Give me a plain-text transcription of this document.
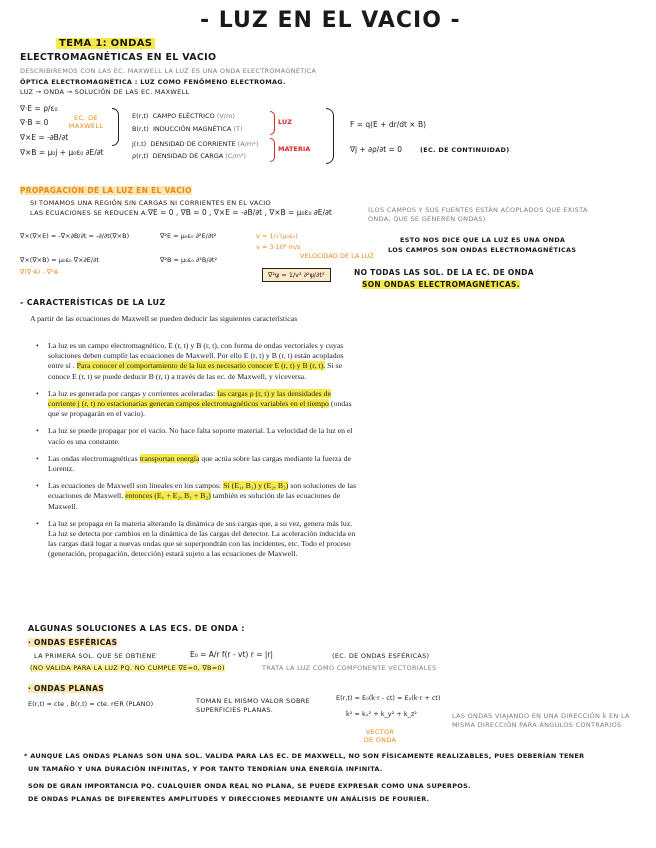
- LUZ EN EL VACIO -
TEMA 1: ONDAS
ELECTROMAGNÉTICAS EN EL VACIO
DESCRIBIREMOS CON LAS EC. MAXWELL LA LUZ ES UNA ONDA ELECTROMAGNÉTICA
ÓPTICA ELECTROMAGNÉTICA : LUZ COMO FENÓMENO ELECTROMAG.
LUZ → ONDA → SOLUCIÓN DE LAS EC. MAXWELL
∇·E = ρ/ε₀
∇·B = 0
∇×E = -∂B/∂t
∇×B = μ₀j + μ₀ε₀ ∂E/∂t
EC. DE MAXWELL
E(r,t) CAMPO ELÉCTRICO (V/m)
B(r,t) INDUCCIÓN MAGNÉTICA (T)
j(r,t) DENSIDAD DE CORRIENTE (A/m²)
ρ(r,t) DENSIDAD DE CARGA (C/m³)
LUZ
MATERIA
F = q(E + dr/dt × B)
∇j + ∂ρ/∂t = 0	(EC. DE CONTINUIDAD)
PROPAGACIÓN DE LA LUZ EN EL VACIO
SI TOMAMOS UNA REGIÓN SIN CARGAS NI CORRIENTES EN EL VACIO
LAS ECUACIONES SE REDUCEN A: ∇E = 0 , ∇B = 0 , ∇×E = -∂B/∂t , ∇×B = μ₀ε₀ ∂E/∂t	(LOS CAMPOS Y SUS FUENTES ESTÁN ACOPLADOS QUE EXISTA ONDA, QUE SE GENEREN ONDAS)
∇×(∇×E) = -∇×∂B/∂t = -∂/∂t(∇×B)	∇²E = μ₀ε₀ ∂²E/∂t²	v = 1/√(μ₀ε₀)
v ≈ 3·10⁸ m/s
VELOCIDAD DE LA LUZ
∇×(∇×B) = μ₀ε₀ ∇×∂E/∂t	∇²B = μ₀ε₀ ∂²B/∂t²
∇(∇·A) - ∇²A	∇²ψ = 1/v² ∂²ψ/∂t²
ESTO NOS DICE QUE LA LUZ ES UNA ONDA
LOS CAMPOS SON ONDAS ELECTROMAGNÉTICAS
NO TODAS LAS SOL. DE LA EC. DE ONDA
SON ONDAS ELECTROMAGNÉTICAS.
- CARACTERÍSTICAS DE LA LUZ
A partir de las ecuaciones de Maxwell se pueden deducir las siguientes características
• La luz es un campo electromagnético, E (r, t) y B (r, t), con forma de ondas vectoriales y cuyas soluciones deben cumplir las ecuaciones de Maxwell. Por ello E (r, t) y B (r, t) están acoplados entre sí . Para conocer el comportamiento de la luz es necesario conocer E (r, t) y B (r, t). Si se conoce E (r, t) se puede deducir B (r, t) a través de las ec. de Maxwell, y viceversa.
• La luz es generada por cargas y corrientes aceleradas: las cargas ρ (r, t) y las densidades de corriente j (r, t) no estacionarias generan campos electromagnéticos variables en el tiempo (ondas que se propagarán en el vacío).
• La luz se puede propagar por el vacío. No hace falta soporte material. La velocidad de la luz en el vacío es una constante.
• Las ondas electromagnéticas transportan energía que actúa sobre las cargas mediante la fuerza de Lorentz.
• Las ecuaciones de Maxwell son lineales en los campos: Si (E₁, B₁) y (E₂, B₂) son soluciones de las ecuaciones de Maxwell, entonces (E₁ + E₂, B₁ + B₂) también es solución de las ecuaciones de Maxwell.
• La luz se propaga en la materia alterando la dinámica de sus cargas que, a su vez, genera más luz. La luz se detecta por cambios en la dinámica de las cargas del detector. La aceleración inducida en las cargas dará lugar a nuevas ondas que se superpondrán con las incidentes, etc. Todo el proceso (generación, propagación, detección) estará sujeto a las ecuaciones de Maxwell.
ALGUNAS SOLUCIONES A LAS ECS. DE ONDA :
· ONDAS ESFÉRICAS
LA PRIMERA SOL. QUE SE OBTIENE	E₀ = A/r f(r - vt) r = |r|	(EC. DE ONDAS ESFÉRICAS)
(NO VALIDA PARA LA LUZ PQ. NO CUMPLE ∇E=0, ∇B=0)	TRATA LA LUZ COMO COMPONENTE VECTORIALES
· ONDAS PLANAS
E(r,t) = cte , B(r,t) = cte. r∈R (PLANO)	TOMAN EL MISMO VALOR SOBRE SUPERFICIES PLANAS.
E(r,t) = E₀(k̂·r - ct) = E₀(k̂·r + ct)
k̂² = kₓ² + k_y² + k_z²	LAS ONDAS VIAJANDO EN UNA DIRECCIÓN k̂ EN LA MISMA DIRECCIÓN PARA ÁNGULOS CONTRARIOS
VECTOR DE ONDA
* AUNQUE LAS ONDAS PLANAS SON UNA SOL. VALIDA PARA LAS EC. DE MAXWELL, NO SON FÍSICAMENTE REALIZABLES, PUES DEBERÍAN TENER
UN TAMAÑO Y UNA DURACIÓN INFINITAS, Y POR TANTO TENDRÍAN UNA ENERGÍA INFINITA.
SON DE GRAN IMPORTANCIA PQ. CUALQUIER ONDA REAL NO PLANA, SE PUEDE EXPRESAR COMO UNA SUPERPOS.
DE ONDAS PLANAS DE DIFERENTES AMPLITUDES Y DIRECCIONES MEDIANTE UN ANÁLISIS DE FOURIER.
